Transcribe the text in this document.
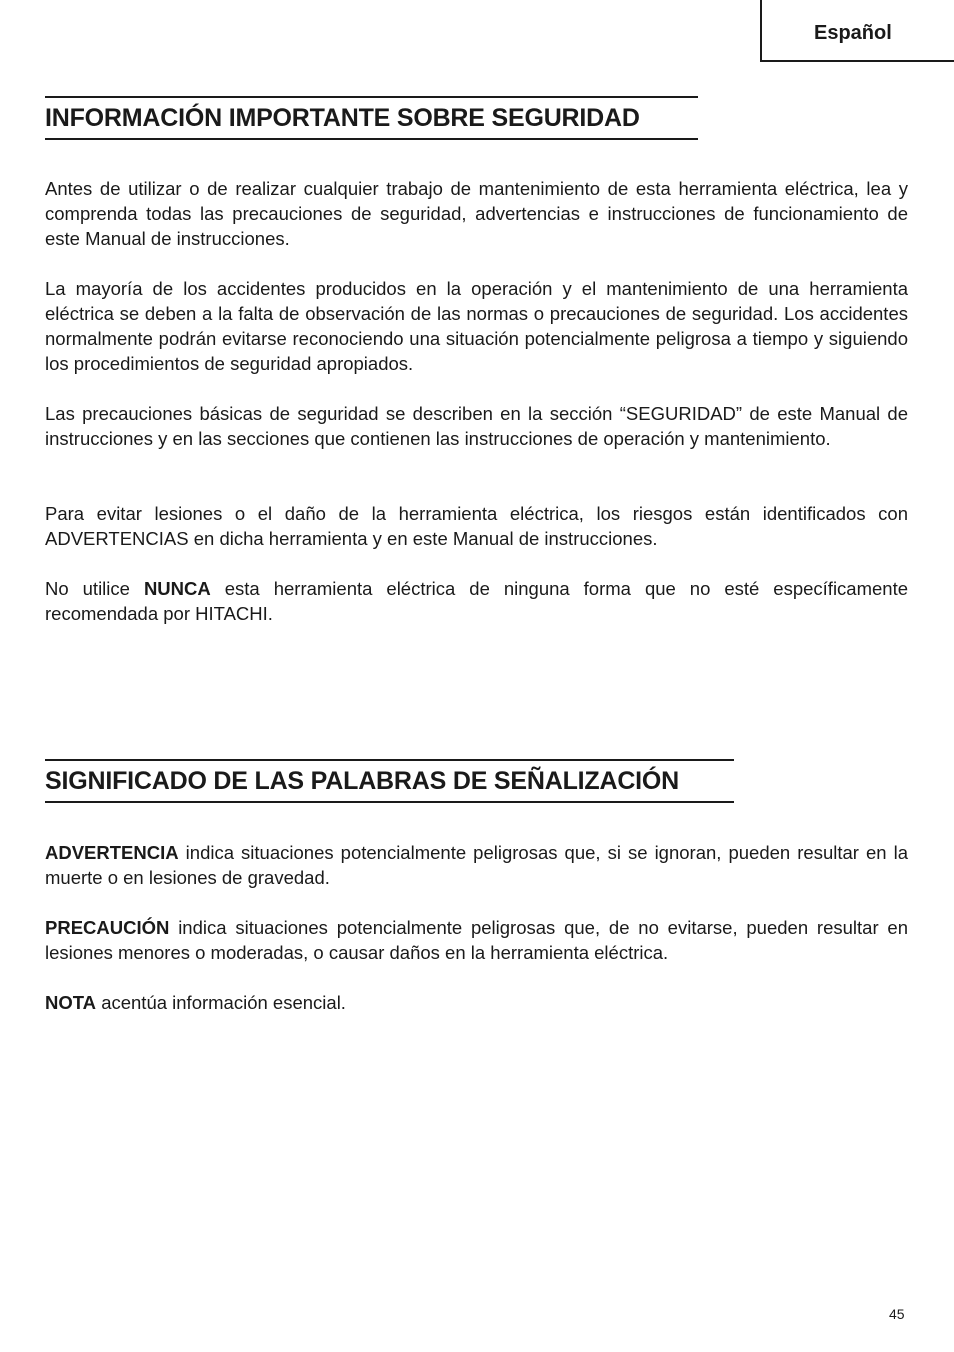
Español
INFORMACIÓN IMPORTANTE SOBRE SEGURIDAD

Antes de utilizar o de realizar cualquier trabajo de mantenimiento de esta herramienta eléctrica, lea y comprenda todas las precauciones de seguridad, advertencias e instrucciones de funcionamiento de este Manual de instrucciones.

La mayoría de los accidentes producidos en la operación y el mantenimiento de una herramienta eléctrica se deben a la falta de observación de las normas o precauciones de seguridad. Los accidentes normalmente podrán evitarse reconociendo una situación potencialmente peligrosa a tiempo y siguiendo los procedimientos de seguridad apropiados.

Las precauciones básicas de seguridad se describen en la sección “SEGURIDAD” de este Manual de instrucciones y en las secciones que contienen las instrucciones de operación y mantenimiento.

Para evitar lesiones o el daño de la herramienta eléctrica, los riesgos están identificados con ADVERTENCIAS en dicha herramienta y en este Manual de instrucciones.

No utilice NUNCA esta herramienta eléctrica de ninguna forma que no esté específicamente recomendada por HITACHI.

SIGNIFICADO DE LAS PALABRAS DE SEÑALIZACIÓN

ADVERTENCIA indica situaciones potencialmente peligrosas que, si se ignoran, pueden resultar en la muerte o en lesiones de gravedad.

PRECAUCIÓN indica situaciones potencialmente peligrosas que, de no evitarse, pueden resultar en lesiones menores o moderadas, o causar daños en la herramienta eléctrica.

NOTA acentúa información esencial.

45
